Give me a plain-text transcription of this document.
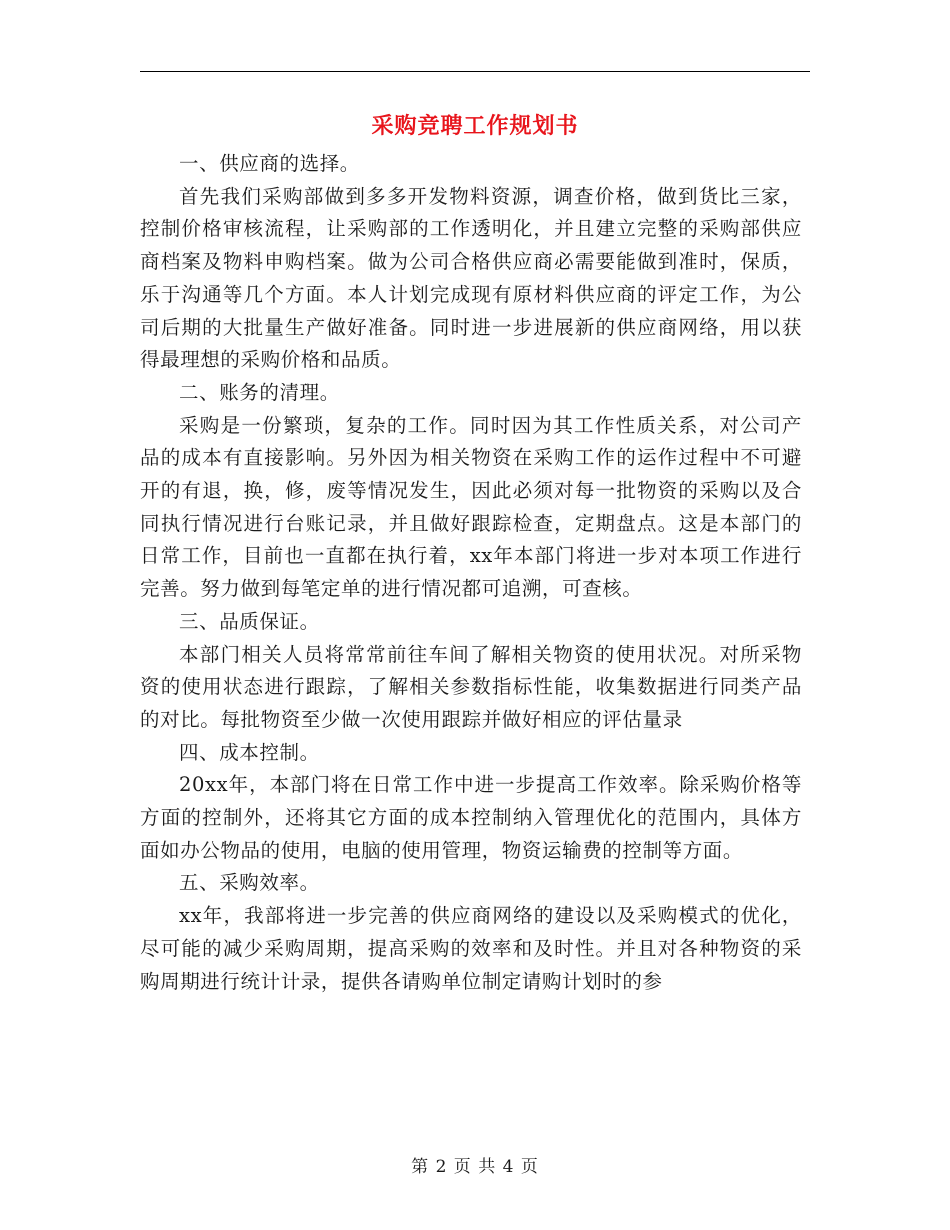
采购竞聘工作规划书

一、供应商的选择。

首先我们采购部做到多多开发物料资源，调查价格，做到货比三家，控制价格审核流程，让采购部的工作透明化，并且建立完整的采购部供应商档案及物料申购档案。做为公司合格供应商必需要能做到准时，保质，乐于沟通等几个方面。本人计划完成现有原材料供应商的评定工作，为公司后期的大批量生产做好准备。同时进一步进展新的供应商网络，用以获得最理想的采购价格和品质。

二、账务的清理。

采购是一份繁琐，复杂的工作。同时因为其工作性质关系，对公司产品的成本有直接影响。另外因为相关物资在采购工作的运作过程中不可避开的有退，换，修，废等情况发生，因此必须对每一批物资的采购以及合同执行情况进行台账记录，并且做好跟踪检查，定期盘点。这是本部门的日常工作，目前也一直都在执行着，xx年本部门将进一步对本项工作进行完善。努力做到每笔定单的进行情况都可追溯，可查核。

三、品质保证。

本部门相关人员将常常前往车间了解相关物资的使用状况。对所采物资的使用状态进行跟踪，了解相关参数指标性能，收集数据进行同类产品的对比。每批物资至少做一次使用跟踪并做好相应的评估量录

四、成本控制。

20xx年，本部门将在日常工作中进一步提高工作效率。除采购价格等方面的控制外，还将其它方面的成本控制纳入管理优化的范围内，具体方面如办公物品的使用，电脑的使用管理，物资运输费的控制等方面。

五、采购效率。

xx年，我部将进一步完善的供应商网络的建设以及采购模式的优化，尽可能的减少采购周期，提高采购的效率和及时性。并且对各种物资的采购周期进行统计计录，提供各请购单位制定请购计划时的参

第 2 页 共 4 页
